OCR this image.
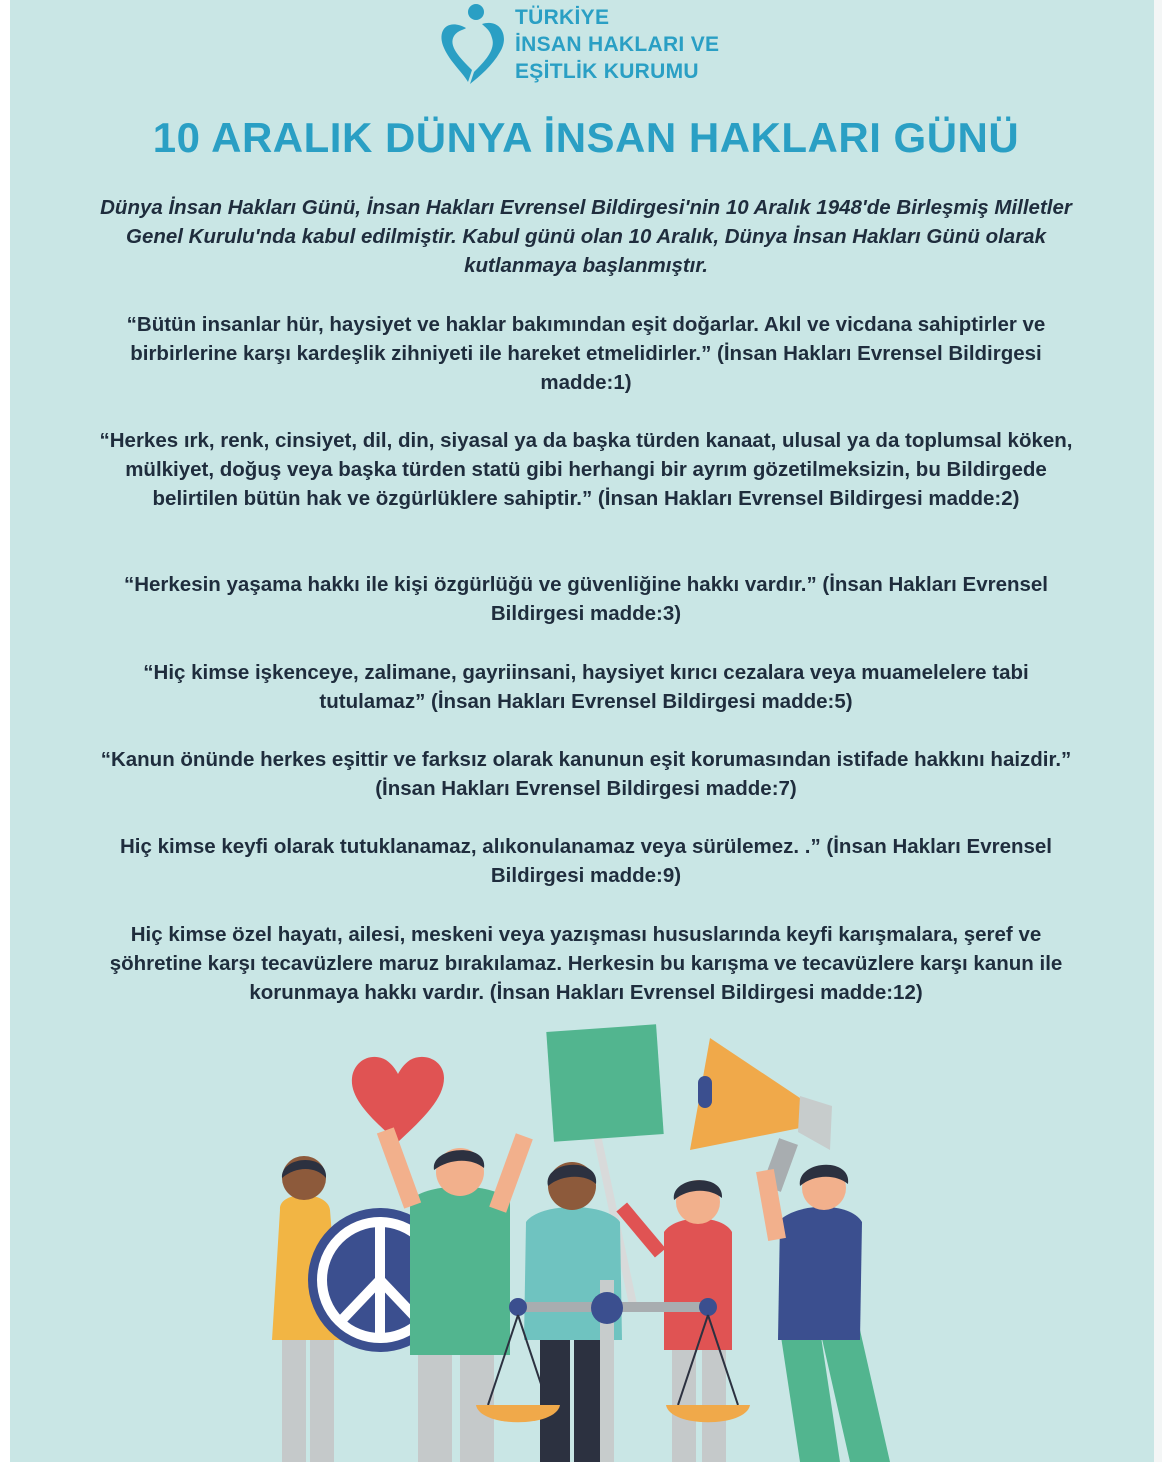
TÜRKİYE
İNSAN HAKLARI VE
EŞİTLİK KURUMU
10 ARALIK DÜNYA İNSAN HAKLARI GÜNÜ
Dünya İnsan Hakları Günü, İnsan Hakları Evrensel Bildirgesi'nin 10 Aralık 1948'de Birleşmiş Milletler Genel Kurulu'nda kabul edilmiştir. Kabul günü olan 10 Aralık, Dünya İnsan Hakları Günü olarak kutlanmaya başlanmıştır.
“Bütün insanlar hür, haysiyet ve haklar bakımından eşit doğarlar. Akıl ve vicdana sahiptirler ve birbirlerine karşı kardeşlik zihniyeti ile hareket etmelidirler.” (İnsan Hakları Evrensel Bildirgesi madde:1)
“Herkes ırk, renk, cinsiyet, dil, din, siyasal ya da başka türden kanaat, ulusal ya da toplumsal köken, mülkiyet, doğuş veya başka türden statü gibi herhangi bir ayrım gözetilmeksizin, bu Bildirgede belirtilen bütün hak ve özgürlüklere sahiptir.” (İnsan Hakları Evrensel Bildirgesi madde:2)
“Herkesin yaşama hakkı ile kişi özgürlüğü ve güvenliğine hakkı vardır.” (İnsan Hakları Evrensel Bildirgesi madde:3)
“Hiç kimse işkenceye, zalimane, gayriinsani, haysiyet kırıcı cezalara veya muamelelere tabi tutulamaz” (İnsan Hakları Evrensel Bildirgesi madde:5)
“Kanun önünde herkes eşittir ve farksız olarak kanunun eşit korumasından istifade hakkını haizdir.” (İnsan Hakları Evrensel Bildirgesi madde:7)
Hiç kimse keyfi olarak tutuklanamaz, alıkonulanamaz veya sürülemez. .” (İnsan Hakları Evrensel Bildirgesi madde:9)
Hiç kimse özel hayatı, ailesi, meskeni veya yazışması hususlarında keyfi karışmalara, şeref ve şöhretine karşı tecavüzlere maruz bırakılamaz. Herkesin bu karışma ve tecavüzlere karşı kanun ile korunmaya hakkı vardır. (İnsan Hakları Evrensel Bildirgesi madde:12)
